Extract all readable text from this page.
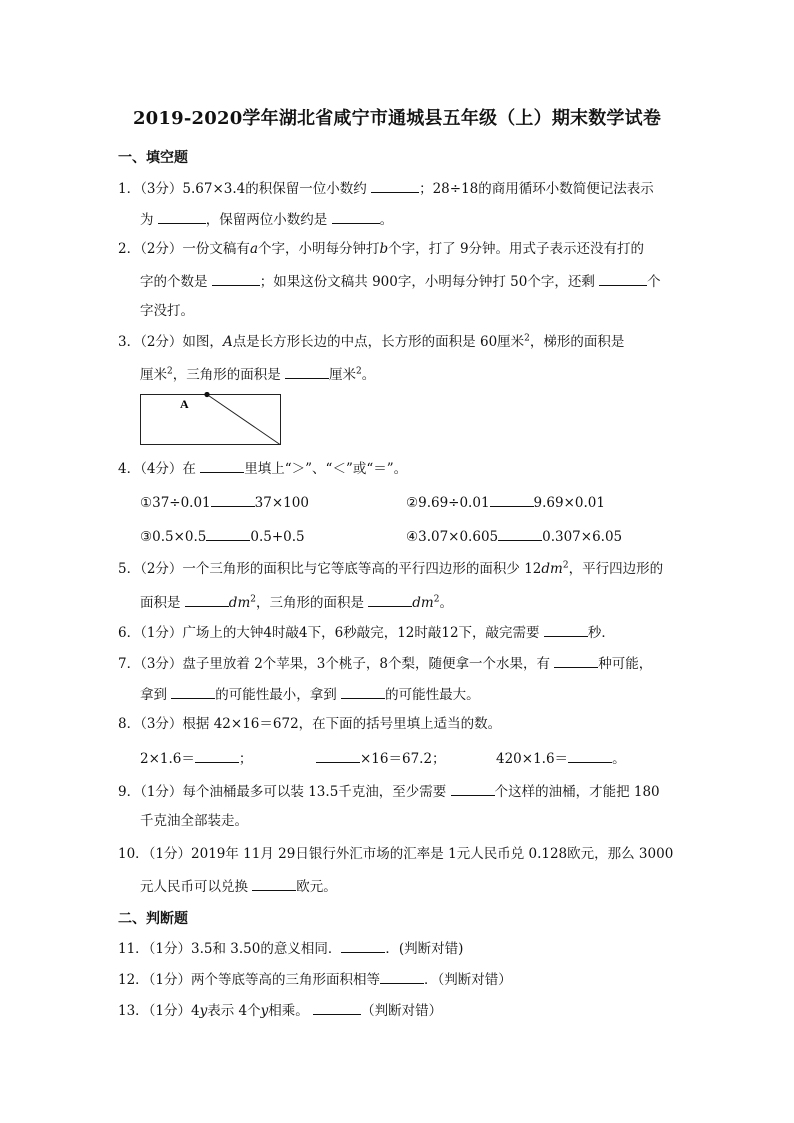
2019-2020学年湖北省咸宁市通城县五年级（上）期末数学试卷
一、填空题
1．（3分）5.67×3.4的积保留一位小数约	；28÷18的商用循环小数简便记法表示
为	，保留两位小数约是	。
2．（2分）一份文稿有a个字，小明每分钟打b个字，打了 9分钟。用式子表示还没有打的
字的个数是	；如果这份文稿共 900字，小明每分钟打 50个字，还剩	个
字没打。
3．（2分）如图，A点是长方形长边的中点，长方形的面积是 60厘米$^2$，梯形的面积是
厘米$^2$，三角形的面积是	厘米$^2$。
A
4．（4分）在	里填上“＞”、“＜”或“＝”。
①37÷0.01	37×100	②9.69÷0.01	9.69×0.01
③0.5×0.5	0.5+0.5	④3.07×0.605	0.307×6.05
5．（2分）一个三角形的面积比与它等底等高的平行四边形的面积少 $12dm^2$，平行四边形的
面积是	$dm^2$，三角形的面积是	$dm^2$。
6．（1分）广场上的大钟4时敲4下，6秒敲完，12时敲12下，敲完需要	秒．
7．（3分）盘子里放着 2个苹果，3个桃子，8个梨，随便拿一个水果，有	种可能，
拿到	的可能性最小，拿到	的可能性最大。
8．（3分）根据 42×16＝672，在下面的括号里填上适当的数。
2×1.6＝	；	×16＝67.2；	420×1.6＝	。
9．（1分）每个油桶最多可以装 13.5千克油，至少需要	个这样的油桶，才能把 180
千克油全部装走。
10．（1分）2019年 11月 29日银行外汇市场的汇率是 1元人民币兑 0.128欧元，那么 3000
元人民币可以兑换	欧元。
二、判断题
11．（1分）3.5和 3.50的意义相同．	．(判断对错)
12．（1分）两个等底等高的三角形面积相等	．（判断对错）
13．（1分）4y表示 4个y相乘。	（判断对错）
